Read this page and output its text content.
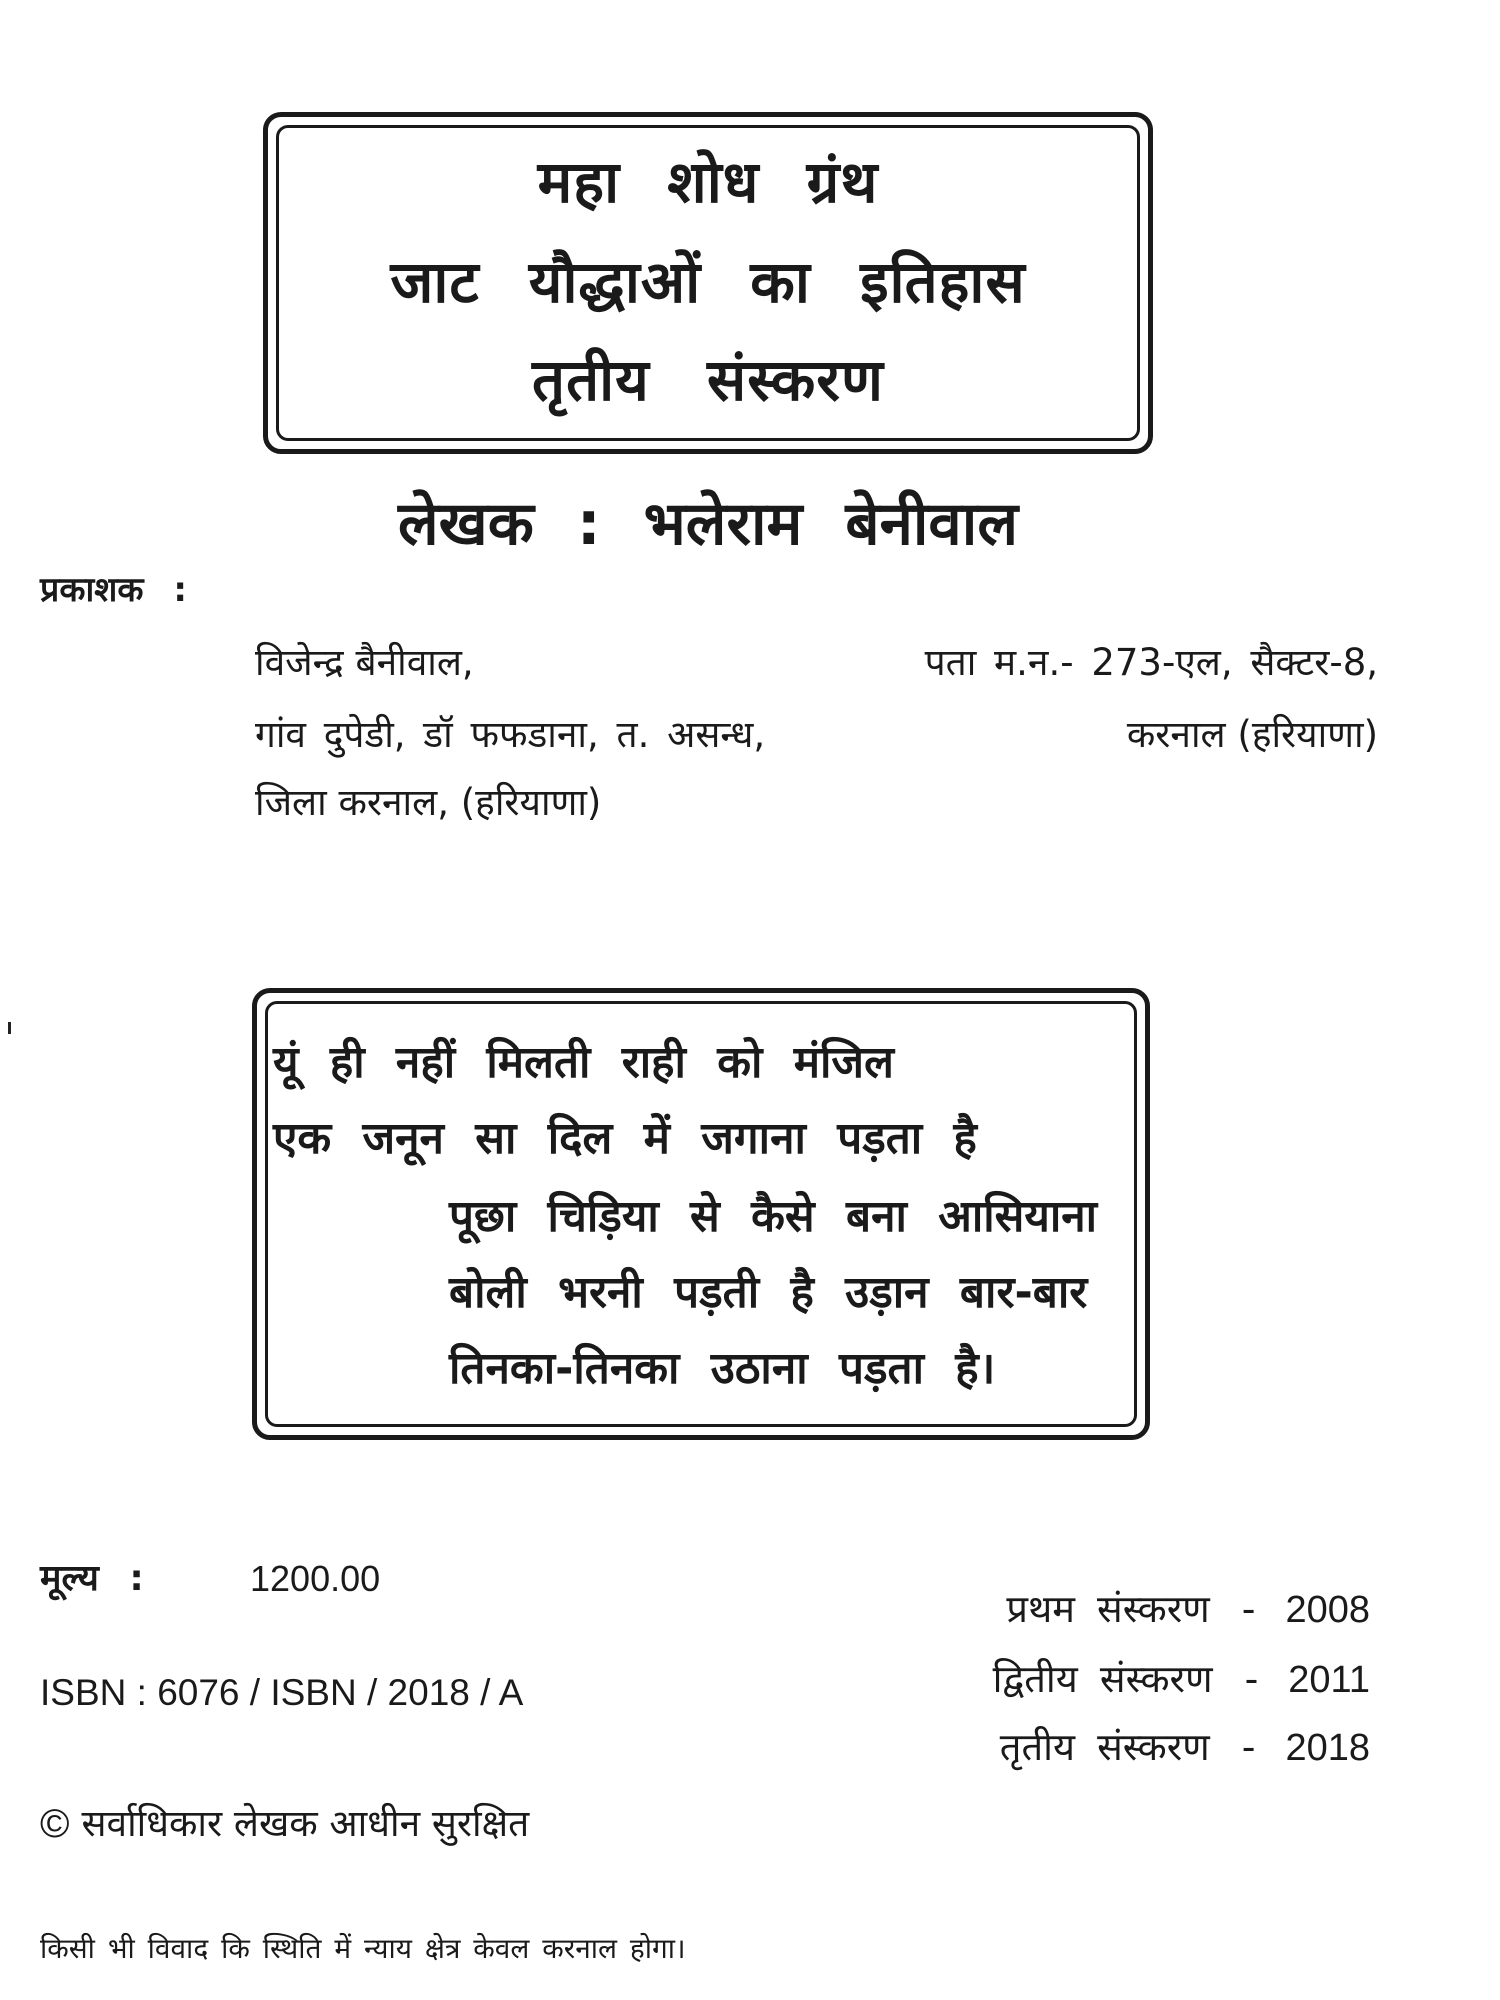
महा शोध ग्रंथ
जाट यौद्धाओं का इतिहास
तृतीय संस्करण
लेखक : भलेराम बेनीवाल
प्रकाशक :
विजेन्द्र बैनीवाल,
गांव दुपेडी, डॉ फफडाना, त. असन्ध,
जिला करनाल, (हरियाणा)
पता म.न.- 273-एल, सैक्टर-8,
करनाल (हरियाणा)
यूं ही नहीं मिलती राही को मंजिल
एक जनून सा दिल में जगाना पड़ता है
पूछा चिड़िया से कैसे बना आसियाना
बोली भरनी पड़ती है उड़ान बार-बार
तिनका-तिनका उठाना पड़ता है।
मूल्य :	1200.00
प्रथम संस्करण - 2008
द्वितीय संस्करण - 2011
तृतीय संस्करण - 2018
ISBN : 6076 / ISBN / 2018 / A
© सर्वाधिकार लेखक आधीन सुरक्षित
किसी भी विवाद कि स्थिति में न्याय क्षेत्र केवल करनाल होगा।
